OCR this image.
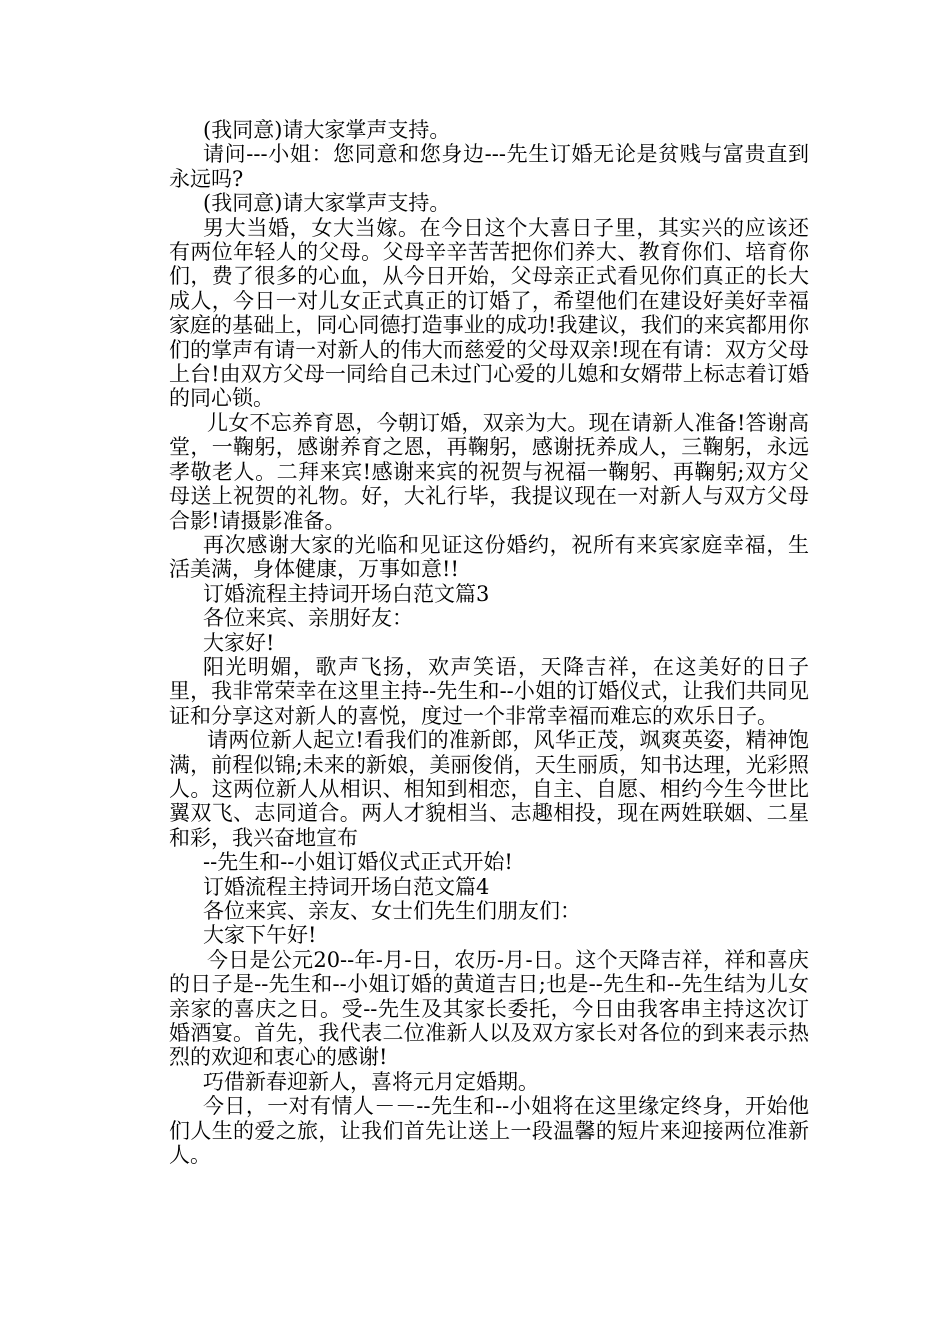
(我同意)请大家掌声支持。

请问---小姐：您同意和您身边---先生订婚无论是贫贱与富贵直到永远吗?

(我同意)请大家掌声支持。

男大当婚，女大当嫁。在今日这个大喜日子里，其实兴的应该还有两位年轻人的父母。父母辛辛苦苦把你们养大、教育你们、培育你们，费了很多的心血，从今日开始，父母亲正式看见你们真正的长大成人，今日一对儿女正式真正的订婚了，希望他们在建设好美好幸福家庭的基础上，同心同德打造事业的成功!我建议，我们的来宾都用你们的掌声有请一对新人的伟大而慈爱的父母双亲!现在有请：双方父母上台!由双方父母一同给自己未过门心爱的儿媳和女婿带上标志着订婚的同心锁。

儿女不忘养育恩，今朝订婚，双亲为大。现在请新人准备!答谢高堂，一鞠躬，感谢养育之恩，再鞠躬，感谢抚养成人，三鞠躬，永远孝敬老人。二拜来宾!感谢来宾的祝贺与祝福一鞠躬、再鞠躬;双方父母送上祝贺的礼物。好，大礼行毕，我提议现在一对新人与双方父母合影!请摄影准备。

再次感谢大家的光临和见证这份婚约，祝所有来宾家庭幸福，生活美满，身体健康，万事如意!!

订婚流程主持词开场白范文篇3

各位来宾、亲朋好友：

大家好!

阳光明媚，歌声飞扬，欢声笑语，天降吉祥，在这美好的日子里，我非常荣幸在这里主持--先生和--小姐的订婚仪式，让我们共同见证和分享这对新人的喜悦，度过一个非常幸福而难忘的欢乐日子。

请两位新人起立!看我们的准新郎，风华正茂，飒爽英姿，精神饱满，前程似锦;未来的新娘，美丽俊俏，天生丽质，知书达理，光彩照人。这两位新人从相识、相知到相恋，自主、自愿、相约今生今世比翼双飞、志同道合。两人才貌相当、志趣相投，现在两姓联姻、二星和彩，我兴奋地宣布

--先生和--小姐订婚仪式正式开始!

订婚流程主持词开场白范文篇4

各位来宾、亲友、女士们先生们朋友们：

大家下午好!

今日是公元20--年-月-日，农历-月-日。这个天降吉祥，祥和喜庆的日子是--先生和--小姐订婚的黄道吉日;也是--先生和--先生结为儿女亲家的喜庆之日。受--先生及其家长委托，今日由我客串主持这次订婚酒宴。首先，我代表二位准新人以及双方家长对各位的到来表示热烈的欢迎和衷心的感谢!

巧借新春迎新人，喜将元月定婚期。

今日，一对有情人－－--先生和--小姐将在这里缘定终身，开始他们人生的爱之旅，让我们首先让送上一段温馨的短片来迎接两位准新人。
